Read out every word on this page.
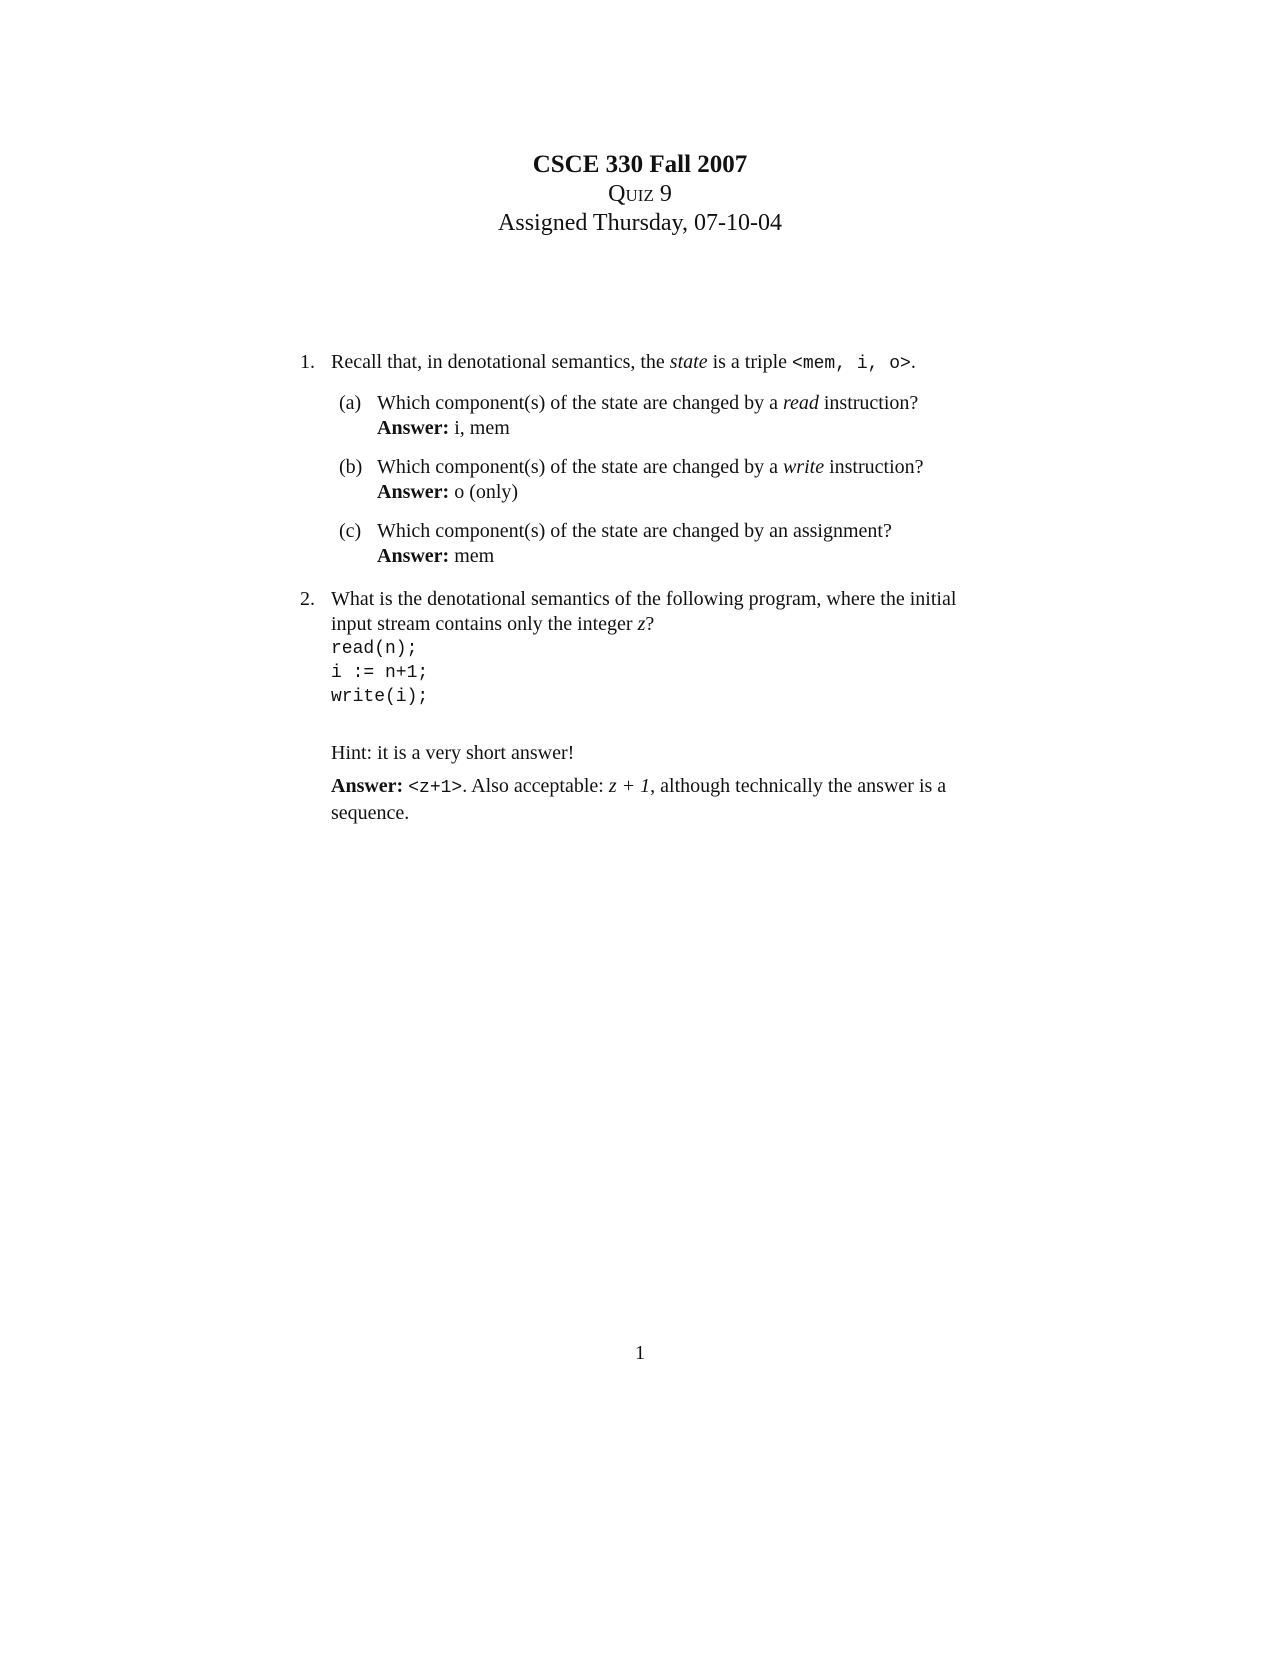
CSCE 330 Fall 2007
Quiz 9
Assigned Thursday, 07-10-04
1. Recall that, in denotational semantics, the state is a triple <mem, i, o>.
(a) Which component(s) of the state are changed by a read instruction?
Answer: i, mem
(b) Which component(s) of the state are changed by a write instruction?
Answer: o (only)
(c) Which component(s) of the state are changed by an assignment?
Answer: mem
2. What is the denotational semantics of the following program, where the initial input stream contains only the integer z?
read(n);
i := n+1;
write(i);
Hint: it is a very short answer!
Answer: <z+1>. Also acceptable: z + 1, although technically the answer is a sequence.
1
